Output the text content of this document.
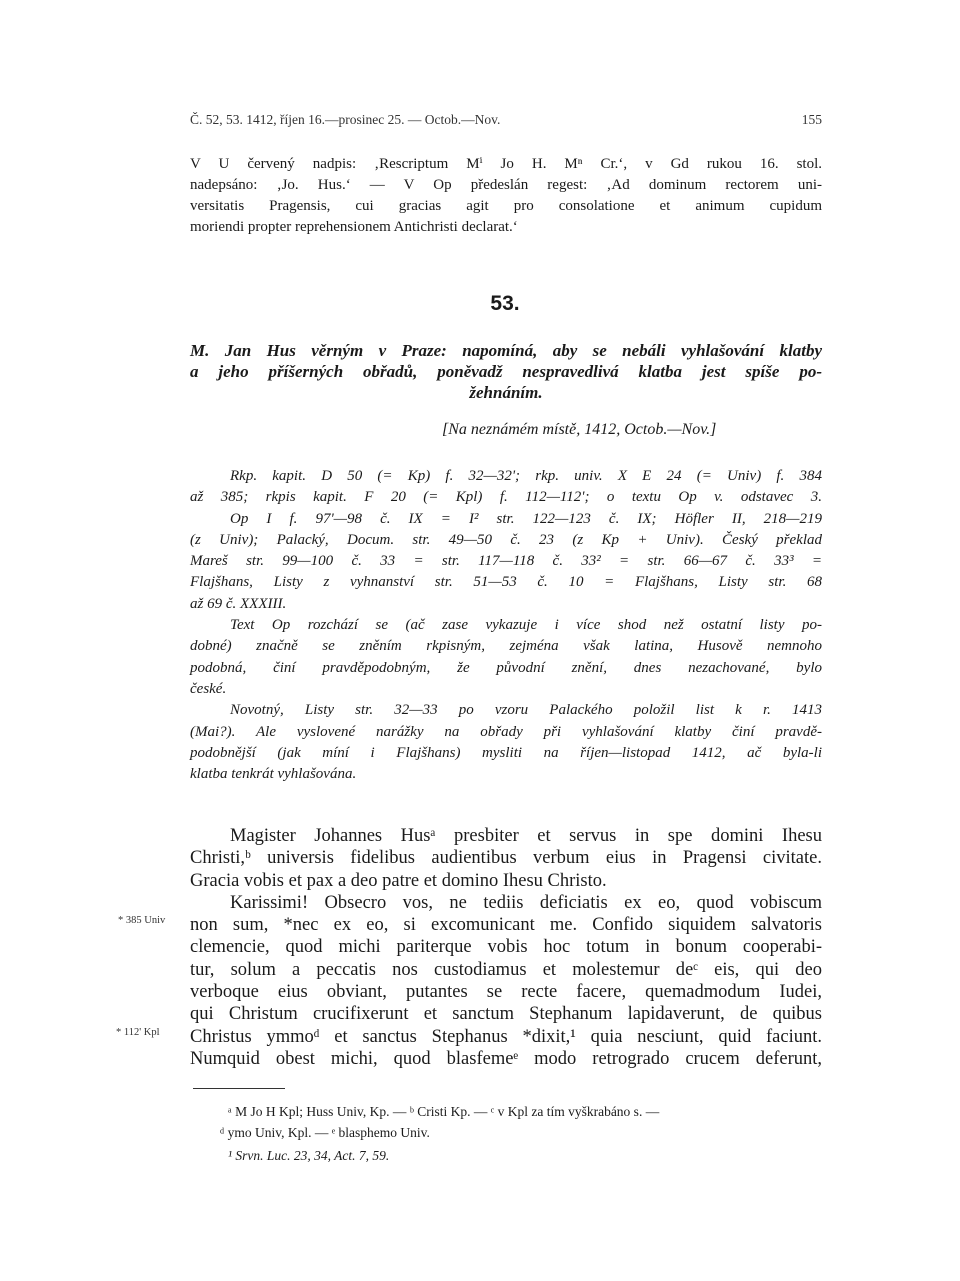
Č. 52, 53. 1412, říjen 16.—prosinec 25. — Octob.—Nov.	155
V U červený nadpis: ‚Rescriptum Mⁱ Jo H. Mⁿ Cr.‘, v Gd rukou 16. stol.
nadepsáno: ‚Jo. Hus.‘ — V Op předeslán regest: ‚Ad dominum rectorem uni-
versitatis Pragensis, cui gracias agit pro consolatione et animum cupidum
moriendi propter reprehensionem Antichristi declarat.‘
53.
M. Jan Hus věrným v Praze: napomíná, aby se nebáli vyhlašování klatby
a jeho příšerných obřadů, poněvadž nespravedlivá klatba jest spíše po-
žehnáním.
[Na neznámém místě, 1412, Octob.—Nov.]
Rkp. kapit. D 50 (= Kp) f. 32—32'; rkp. univ. X E 24 (= Univ) f. 384
až 385; rkpis kapit. F 20 (= Kpl) f. 112—112'; o textu Op v. odstavec 3.
Op I f. 97'—98 č. IX = I² str. 122—123 č. IX; Höfler II, 218—219
(z Univ); Palacký, Docum. str. 49—50 č. 23 (z Kp + Univ). Český překlad
Mareš str. 99—100 č. 33 = str. 117—118 č. 33² = str. 66—67 č. 33³ =
Flajšhans, Listy z vyhnanství str. 51—53 č. 10 = Flajšhans, Listy str. 68
až 69 č. XXXIII.
Text Op rozchází se (ač zase vykazuje i více shod než ostatní listy po-
dobné) značně se zněním rkpisným, zejména však latina, Husově nemnoho
podobná, činí pravděpodobným, že původní znění, dnes nezachované, bylo
české.
Novotný, Listy str. 32—33 po vzoru Palackého položil list k r. 1413
(Mai?). Ale vyslovené narážky na obřady při vyhlašování klatby činí pravdě-
podobnější (jak míní i Flajšhans) mysliti na říjen—listopad 1412, ač byla-li
klatba tenkrát vyhlašována.
Magister Johannes Husᵃ presbiter et servus in spe domini Ihesu
Christi,ᵇ universis fidelibus audientibus verbum eius in Pragensi civitate.
Gracia vobis et pax a deo patre et domino Ihesu Christo.
Karissimi! Obsecro vos, ne tediis deficiatis ex eo, quod vobiscum
non sum, *nec ex eo, si excomunicant me. Confido siquidem salvatoris
clemencie, quod michi pariterque vobis hoc totum in bonum cooperabi-
tur, solum a peccatis nos custodiamus et molestemur deᶜ eis, qui deo
verboque eius obviant, putantes se recte facere, quemadmodum Iudei,
qui Christum crucifixerunt et sanctum Stephanum lapidaverunt, de quibus
Christus ymmoᵈ et sanctus Stephanus *dixit,¹ quia nesciunt, quid faciunt.
Numquid obest michi, quod blasfemeᵉ modo retrogrado crucem deferunt,
* 385 Univ
* 112' Kpl
ᵃ M Jo H Kpl; Huss Univ, Kp. — ᵇ Cristi Kp. — ᶜ v Kpl za tím vyškrabáno s. —
ᵈ ymo Univ, Kpl. — ᵉ blasphemo Univ.
¹ Srvn. Luc. 23, 34, Act. 7, 59.
